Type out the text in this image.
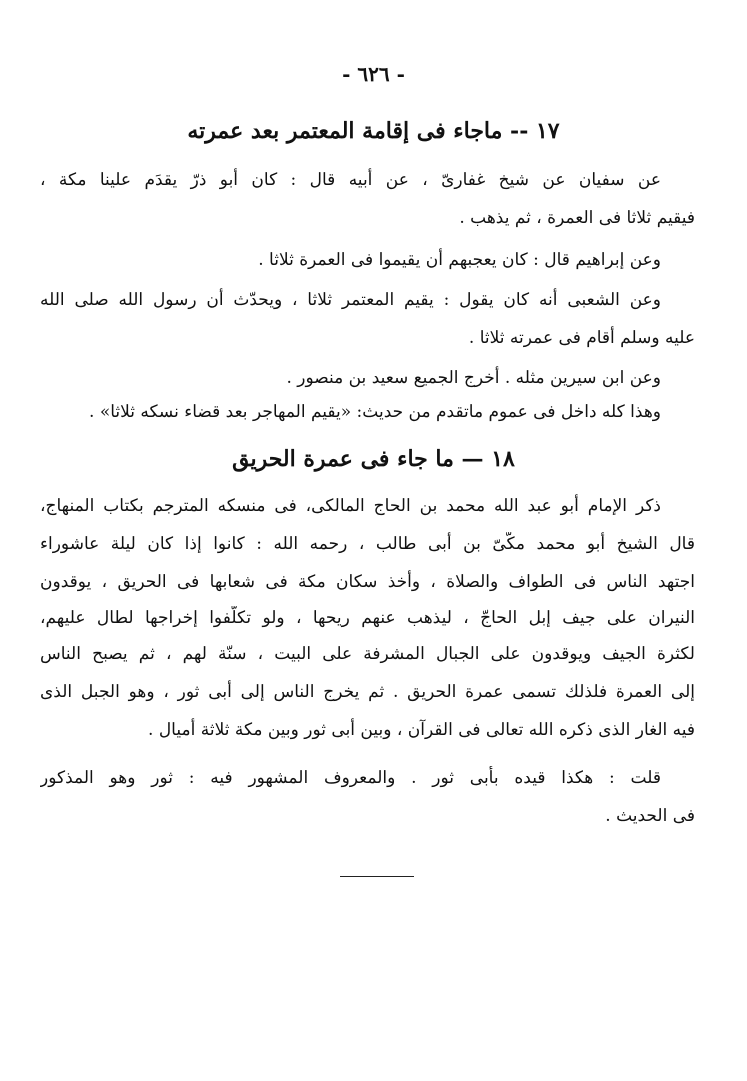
- ٦٢٦ -
١٧ -- ماجاء فى إقامة المعتمر بعد عمرته
عن سفيان عن شيخ غفارىّ ، عن أبيه قال : كان أبو ذرّ يقدَم علينا مكة ،
فيقيم ثلاثا فى العمرة ، ثم يذهب .
وعن إبراهيم قال : كان يعجبهم أن يقيموا فى العمرة ثلاثا .
وعن الشعبى أنه كان يقول : يقيم المعتمر ثلاثا ، ويحدّث أن رسول الله صلى الله
عليه وسلم أقام فى عمرته ثلاثا .
وعن ابن سيرين مثله . أخرج الجميع سعيد بن منصور .
وهذا كله داخل فى عموم ماتقدم من حديث: «يقيم المهاجر بعد قضاء نسكه ثلاثا» .
١٨ — ما جاء فى عمرة الحريق
ذكر الإمام أبو عبد الله محمد بن الحاج المالكى، فى منسكه المترجم بكتاب المنهاج،
قال الشيخ أبو محمد مكّىّ بن أبى طالب ، رحمه الله : كانوا إذا كان ليلة عاشوراء
اجتهد الناس فى الطواف والصلاة ، وأخذ سكان مكة فى شعابها فى الحريق ، يوقدون
النيران على جيف إبل الحاجّ ، ليذهب عنهم ريحها ، ولو تكلّفوا إخراجها لطال عليهم،
لكثرة الجيف ويوقدون على الجبال المشرفة على البيت ، سنّة لهم ، ثم يصبح الناس
إلى العمرة فلذلك تسمى عمرة الحريق . ثم يخرج الناس إلى أبى ثور ، وهو الجبل الذى
فيه الغار الذى ذكره الله تعالى فى القرآن ، وبين أبى ثور وبين مكة ثلاثة أميال .
قلت : هكذا قيده بأبى ثور . والمعروف المشهور فيه : ثور وهو المذكور
فى الحديث .
